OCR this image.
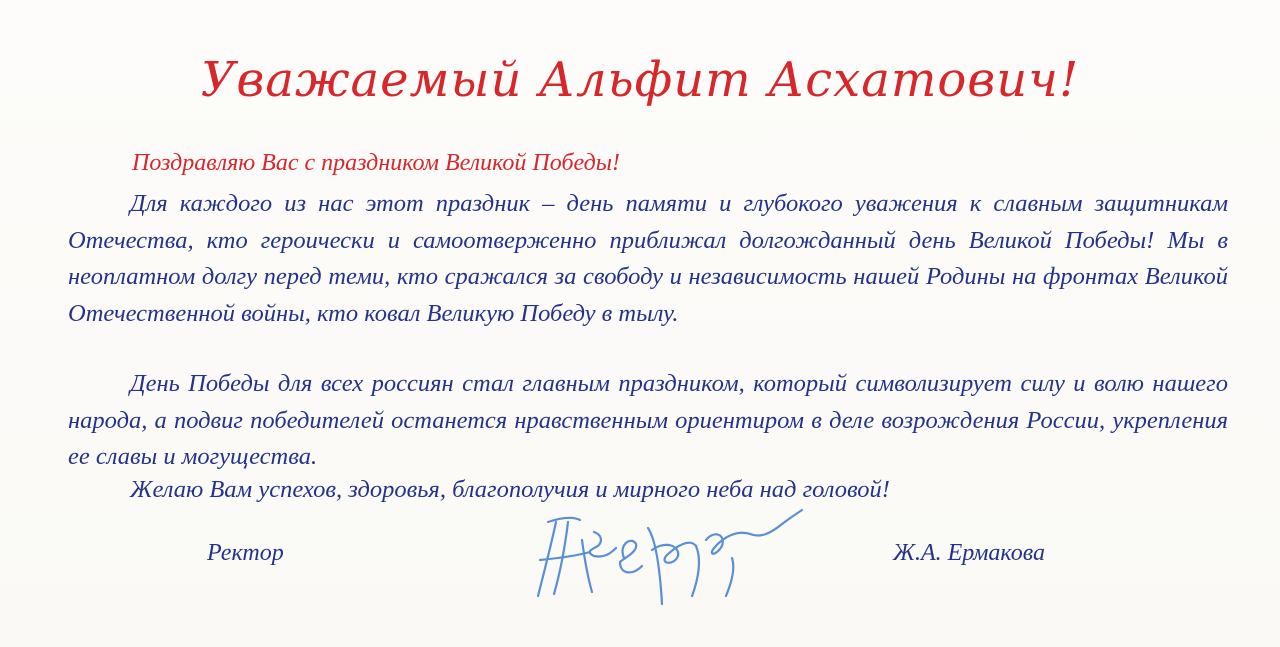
Уважаемый Альфит Асхатович!
Поздравляю Вас с праздником Великой Победы!

Для каждого из нас этот праздник – день памяти и глубокого уважения к славным защитникам Отечества, кто героически и самоотверженно приближал долгожданный день Великой Победы! Мы в неоплатном долгу перед теми, кто сражался за свободу и независимость нашей Родины на фронтах Великой Отечественной войны, кто ковал Великую Победу в тылу.

День Победы для всех россиян стал главным праздником, который символизирует силу и волю нашего народа, а подвиг победителей останется нравственным ориентиром в деле возрождения России, укрепления ее славы и могущества.

Желаю Вам успехов, здоровья, благополучия и мирного неба над головой!
Ректор	Ж.А. Ермакова
